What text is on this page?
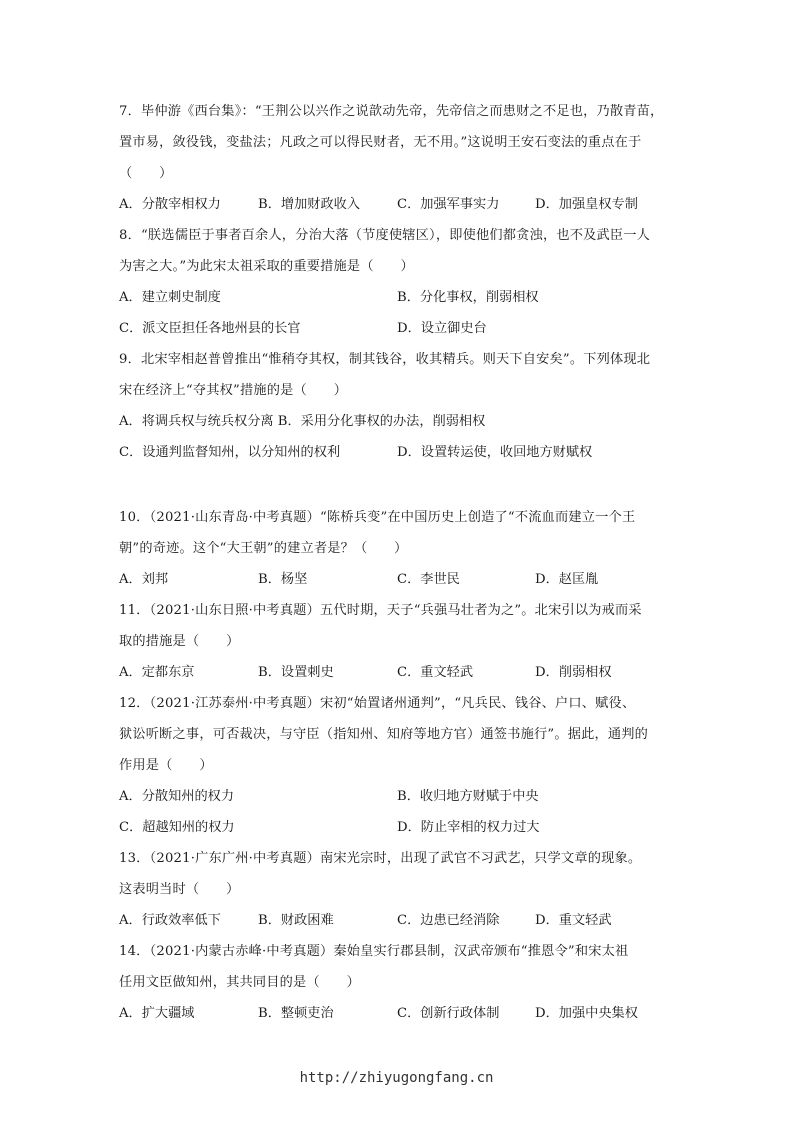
7．毕仲游《西台集》：“王荆公以兴作之说歆动先帝，先帝信之而患财之不足也，乃散青苗，
置市易，敛役钱，变盐法；凡政之可以得民财者，无不用。”这说明王安石变法的重点在于
（　　）
A．分散宰相权力	B．增加财政收入	C．加强军事实力	D．加强皇权专制
8．“朕选儒臣于事者百余人，分治大落（节度使辖区），即使他们都贪浊，也不及武臣一人
为害之大。”为此宋太祖采取的重要措施是（　　）
A．建立刺史制度	B．分化事权，削弱相权
C．派文臣担任各地州县的长官	D．设立御史台
9．北宋宰相赵普曾推出“惟稍夺其权，制其钱谷，收其精兵。则天下自安矣”。下列体现北
宋在经济上“夺其权”措施的是（　　）
A．将调兵权与统兵权分离 B．采用分化事权的办法，削弱相权
C．设通判监督知州，以分知州的权利	D．设置转运使，收回地方财赋权
10．（2021·山东青岛·中考真题）“陈桥兵变”在中国历史上创造了“不流血而建立一个王
朝”的奇迹。这个“大王朝”的建立者是？（　　）
A．刘邦	B．杨坚	C．李世民	D．赵匡胤
11．（2021·山东日照·中考真题）五代时期，天子“兵强马壮者为之”。北宋引以为戒而采
取的措施是（　　）
A．定都东京	B．设置刺史	C．重文轻武	D．削弱相权
12．（2021·江苏泰州·中考真题）宋初“始置诸州通判”，“凡兵民、钱谷、户口、赋役、
狱讼听断之事，可否裁决，与守臣（指知州、知府等地方官）通签书施行”。据此，通判的
作用是（　　）
A．分散知州的权力	B．收归地方财赋于中央
C．超越知州的权力	D．防止宰相的权力过大
13．（2021·广东广州·中考真题）南宋光宗时，出现了武官不习武艺，只学文章的现象。
这表明当时（　　）
A．行政效率低下	B．财政困难	C．边患已经消除	D．重文轻武
14．（2021·内蒙古赤峰·中考真题）秦始皇实行郡县制，汉武帝颁布“推恩令”和宋太祖
任用文臣做知州，其共同目的是（　　）
A．扩大疆域	B．整顿吏治	C．创新行政体制	D．加强中央集权
http://zhiyugongfang.cn
